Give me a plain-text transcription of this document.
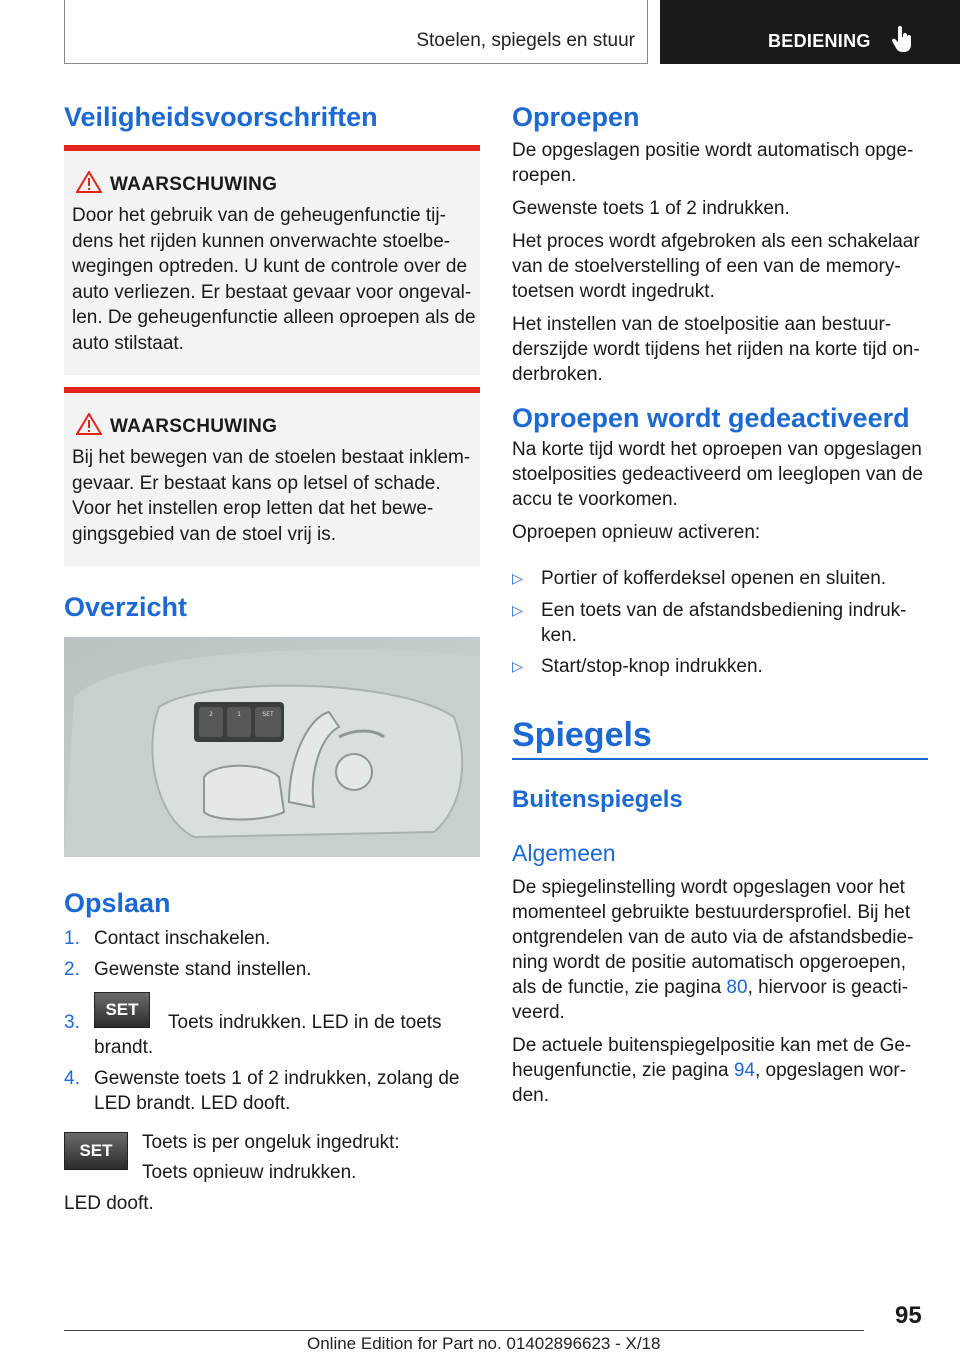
Stoelen, spiegels en stuur	BEDIENING
Veiligheidsvoorschriften
WAARSCHUWING
Door het gebruik van de geheugenfunctie tij-dens het rijden kunnen onverwachte stoelbe-wegingen optreden. U kunt de controle over de auto verliezen. Er bestaat gevaar voor ongeval-len. De geheugenfunctie alleen oproepen als de auto stilstaat.
WAARSCHUWING
Bij het bewegen van de stoelen bestaat inklem-gevaar. Er bestaat kans op letsel of schade. Voor het instellen erop letten dat het bewe-gingsgebied van de stoel vrij is.
Overzicht
2	1	SET
Opslaan
1. Contact inschakelen.
2. Gewenste stand instellen.
3.
SET
Toets indrukken. LED in de toets brandt.
4. Gewenste toets 1 of 2 indrukken, zolang de LED brandt. LED dooft.
SET	Toets is per ongeluk ingedrukt:
Toets opnieuw indrukken.
LED dooft.
Oproepen

De opgeslagen positie wordt automatisch opge-roepen.

Gewenste toets 1 of 2 indrukken.

Het proces wordt afgebroken als een schakelaar van de stoelverstelling of een van de memory-toetsen wordt ingedrukt.

Het instellen van de stoelpositie aan bestuur-derszijde wordt tijdens het rijden na korte tijd on-derbroken.

Oproepen wordt gedeactiveerd

Na korte tijd wordt het oproepen van opgeslagen stoelposities gedeactiveerd om leeglopen van de accu te voorkomen.

Oproepen opnieuw activeren:

▷ Portier of kofferdeksel openen en sluiten.
▷ Een toets van de afstandsbediening indruk-ken.
▷ Start/stop-knop indrukken.
Spiegels
Buitenspiegels
Algemeen

De spiegelinstelling wordt opgeslagen voor het momenteel gebruikte bestuurdersprofiel. Bij het ontgrendelen van de auto via de afstandsbedie-ning wordt de positie automatisch opgeroepen, als de functie, zie pagina 80, hiervoor is geacti-veerd.

De actuele buitenspiegelpositie kan met de Ge-heugenfunctie, zie pagina 94, opgeslagen wor-den.

95
Online Edition for Part no. 01402896623 - X/18
